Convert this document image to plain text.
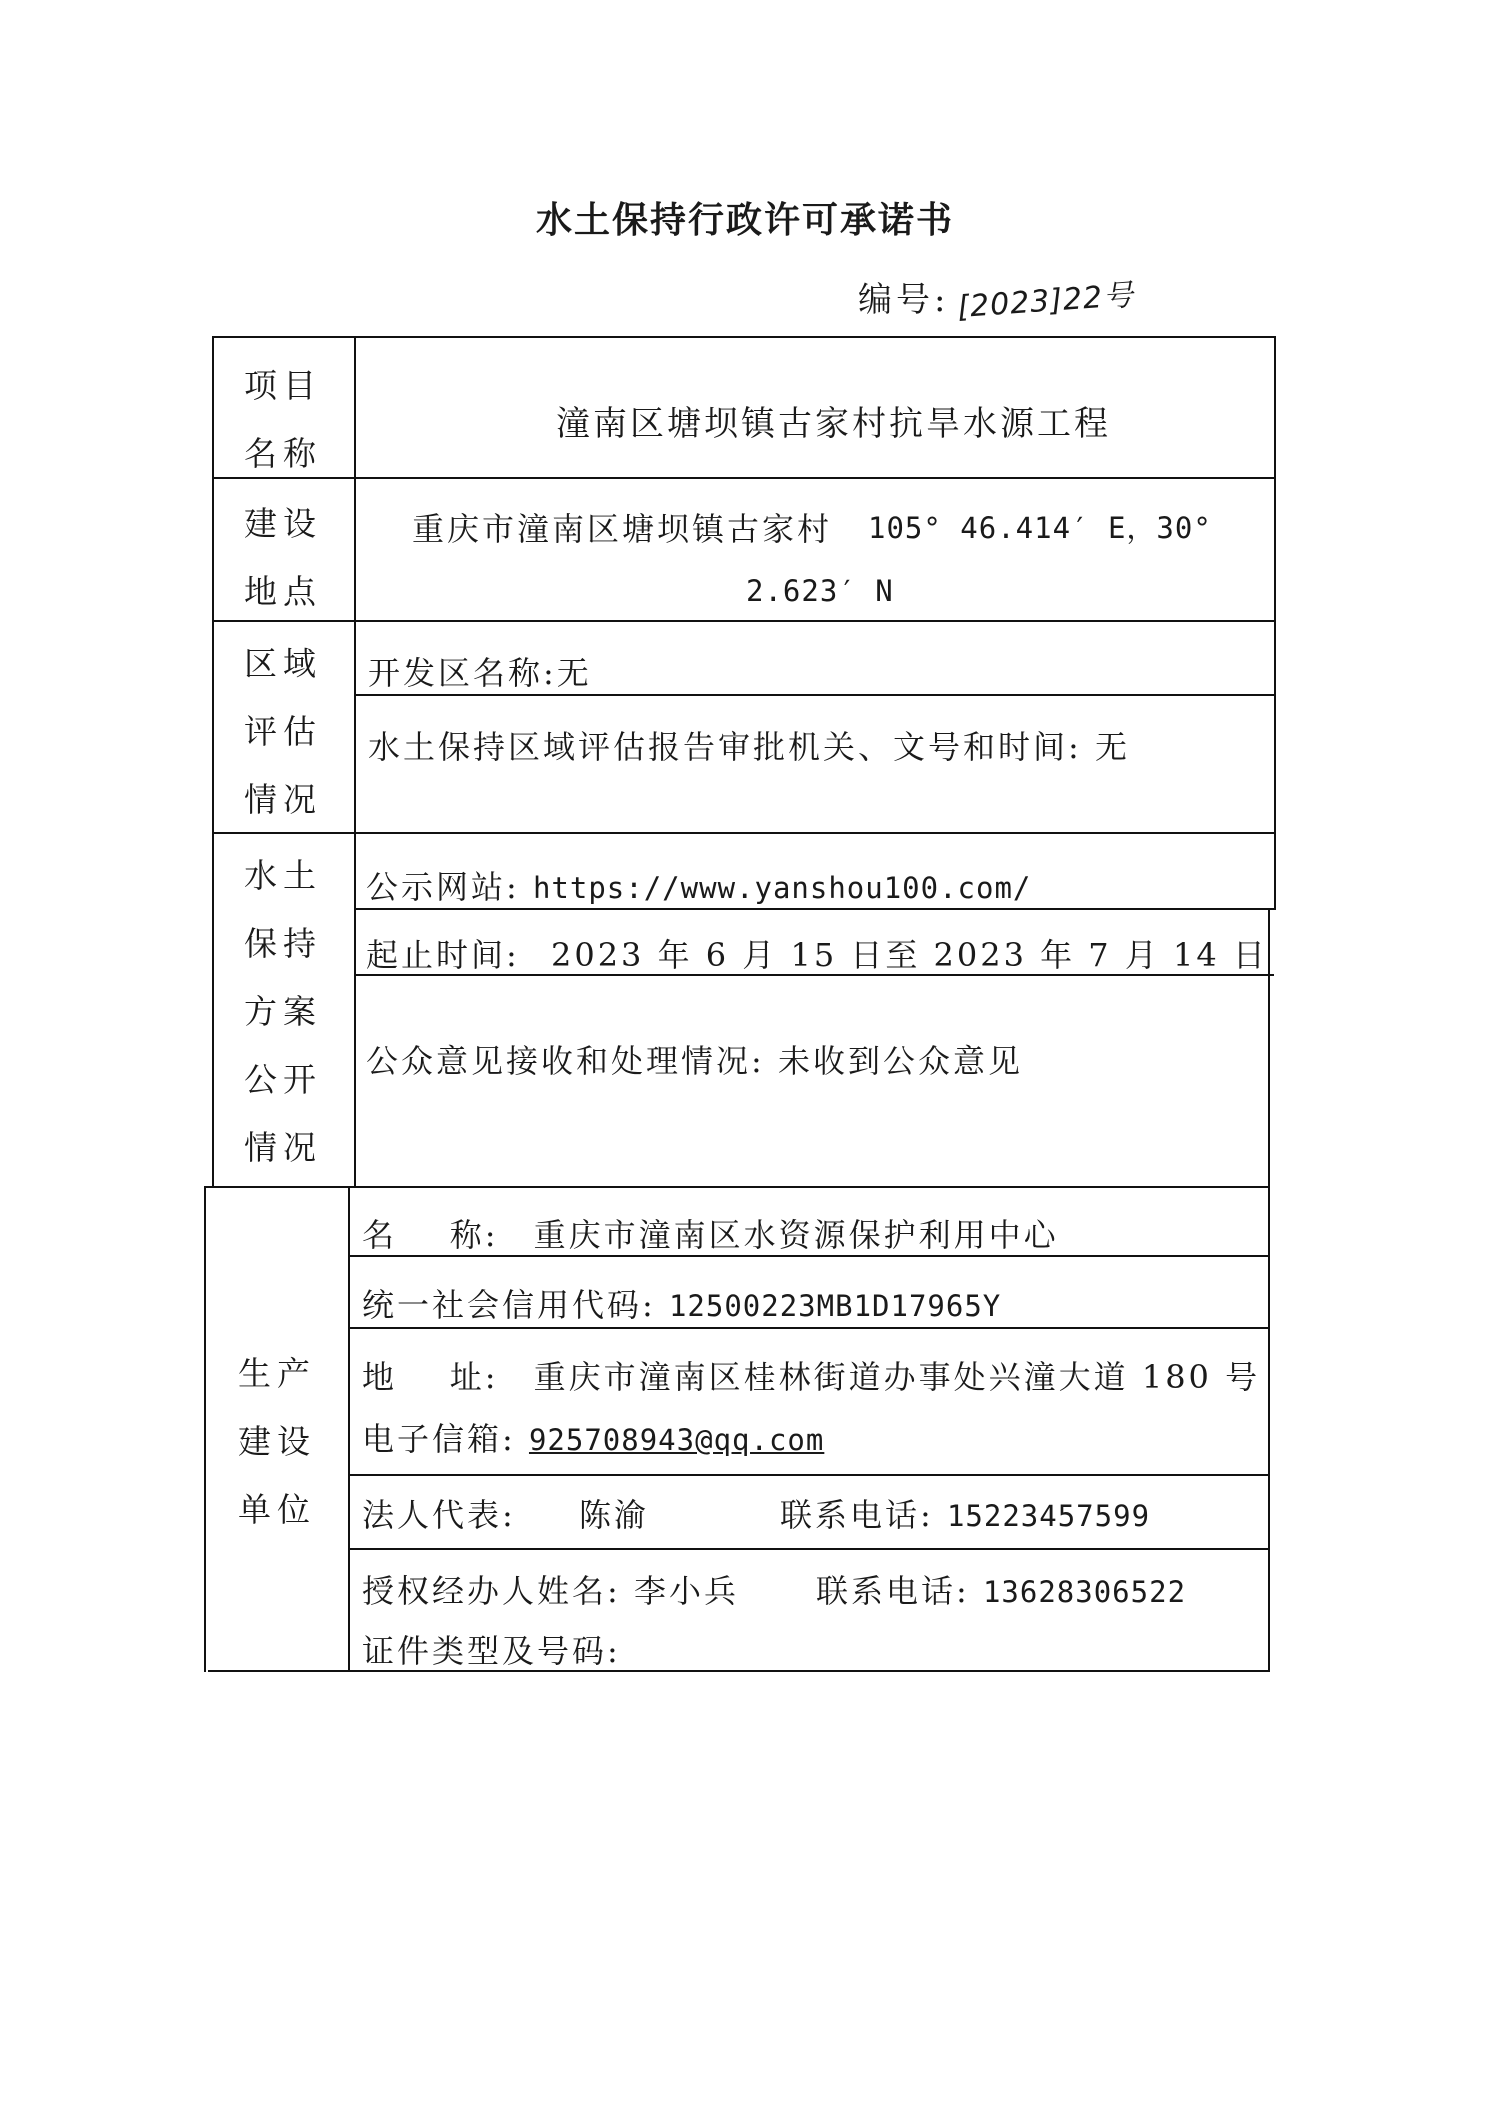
水土保持行政许可承诺书
编号: [2023]22号
项目
名称
建设
地点
区域
评估
情况
水土
保持
方案
公开
情况
生产
建设
单位
潼南区塘坝镇古家村抗旱水源工程
重庆市潼南区塘坝镇古家村 105° 46.414′ E，30°
2.623′ N
开发区名称:无
水土保持区域评估报告审批机关、文号和时间: 无
公示网站: https://www.yanshou100.com/
起止时间: 2023 年 6 月 15 日至 2023 年 7 月 14 日
公众意见接收和处理情况: 未收到公众意见
名    称: 重庆市潼南区水资源保护利用中心
统一社会信用代码: 12500223MB1D17965Y
地    址: 重庆市潼南区桂林街道办事处兴潼大道 180 号
电子信箱: 925708943@qq.com
法人代表: 陈渝	联系电话: 15223457599
授权经办人姓名: 李小兵 联系电话: 13628306522
证件类型及号码:
